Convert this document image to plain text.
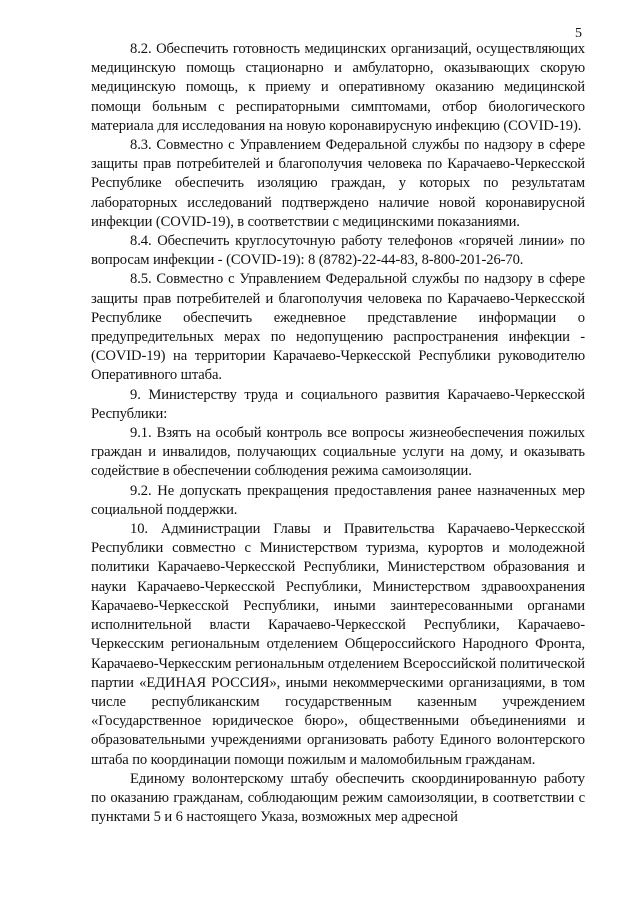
5

8.2. Обеспечить готовность медицинских организаций, осуществляющих медицинскую помощь стационарно и амбулаторно, оказывающих скорую медицинскую помощь, к приему и оперативному оказанию медицинской помощи больным с респираторными симптомами, отбор биологического материала для исследования на новую коронавирусную инфекцию (COVID-19).

8.3. Совместно с Управлением Федеральной службы по надзору в сфере защиты прав потребителей и благополучия человека по Карачаево-Черкесской Республике обеспечить изоляцию граждан, у которых по результатам лабораторных исследований подтверждено наличие новой коронавирусной инфекции (COVID-19), в соответствии с медицинскими показаниями.

8.4. Обеспечить круглосуточную работу телефонов «горячей линии» по вопросам инфекции - (COVID-19): 8 (8782)-22-44-83, 8-800-201-26-70.

8.5. Совместно с Управлением Федеральной службы по надзору в сфере защиты прав потребителей и благополучия человека по Карачаево-Черкесской Республике обеспечить ежедневное представление информации о предупредительных мерах по недопущению распространения инфекции - (COVID-19) на территории Карачаево-Черкесской Республики руководителю Оперативного штаба.

9. Министерству труда и социального развития Карачаево-Черкесской Республики:

9.1. Взять на особый контроль все вопросы жизнеобеспечения пожилых граждан и инвалидов, получающих социальные услуги на дому, и оказывать содействие в обеспечении соблюдения режима самоизоляции.

9.2. Не допускать прекращения предоставления ранее назначенных мер социальной поддержки.

10. Администрации Главы и Правительства Карачаево-Черкесской Республики совместно с Министерством туризма, курортов и молодежной политики Карачаево-Черкесской Республики, Министерством образования и науки Карачаево-Черкесской Республики, Министерством здравоохранения Карачаево-Черкесской Республики, иными заинтересованными органами исполнительной власти Карачаево-Черкесской Республики, Карачаево-Черкесским региональным отделением Общероссийского Народного Фронта, Карачаево-Черкесским региональным отделением Всероссийской политической партии «ЕДИНАЯ РОССИЯ», иными некоммерческими организациями, в том числе республиканским государственным казенным учреждением «Государственное юридическое бюро», общественными объединениями и образовательными учреждениями организовать работу Единого волонтерского штаба по координации помощи пожилым и маломобильным гражданам.

Единому волонтерскому штабу обеспечить скоординированную работу по оказанию гражданам, соблюдающим режим самоизоляции, в соответствии с пунктами 5 и 6 настоящего Указа, возможных мер адресной
